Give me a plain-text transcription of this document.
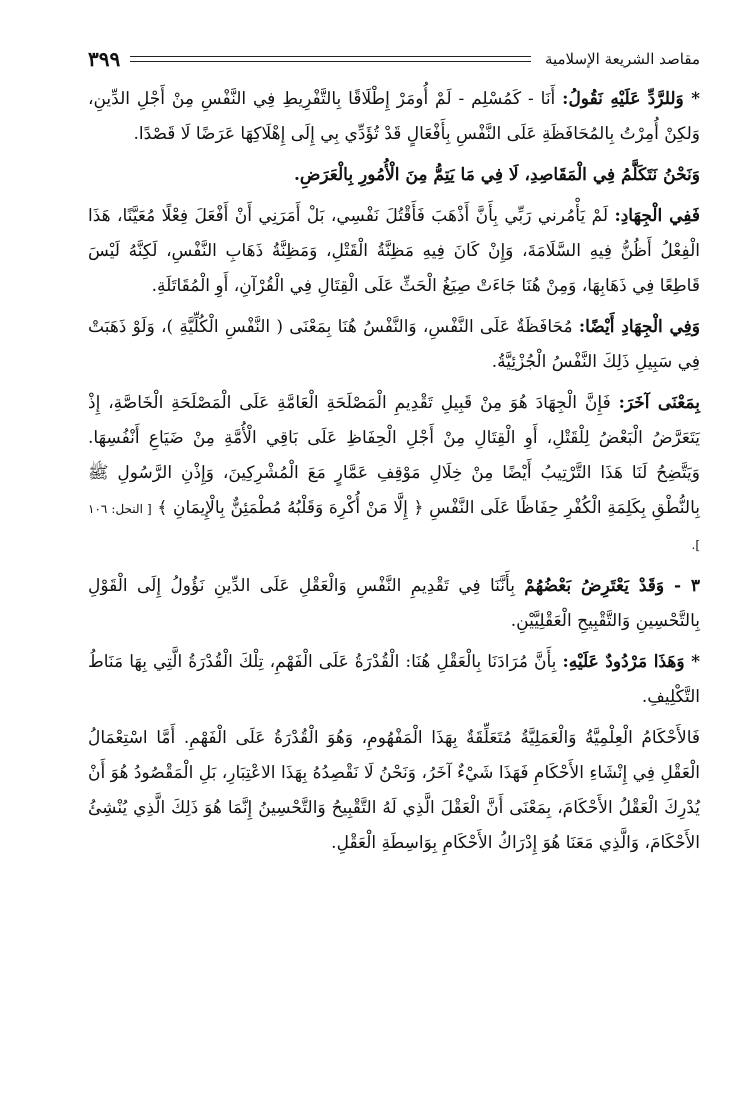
مقاصد الشريعة الإسلامية
٣٩٩

* وَللرَّدِّ عَلَيْهِ نَقُولُ: أَنَا - كَمُسْلِم - لَمْ أُومَرْ إِطْلَاقًا بِالتَّفْرِيطِ فِي النَّفْسِ مِنْ أَجْلِ الدِّينِ، وَلكِنْ أُمِرْتُ بِالمُحَافَظَةِ عَلَى النَّفْسِ بِأَفْعَالٍ قَدْ تُؤَدِّي بِي إِلَى إِهْلَاكِهَا عَرَضًا لَا قَصْدًا.

وَنَحْنُ نَتَكَلَّمُ فِي الْمَقَاصِدِ، لَا فِي مَا يَتِمُّ مِنَ الْأُمُورِ بِالْعَرَضِ.

فَفِي الْجِهَادِ: لَمْ يَأْمُرني رَبِّي بِأَنَّ أَذْهَبَ فَأَقْتُلَ نَفْسِي، بَلْ أَمَرَنِي أَنْ أَفْعَلَ فِعْلًا مُعَيَّنًا، هَذَا الْفِعْلُ أَظُنُّ فِيهِ السَّلَامَةَ، وَإِنْ كَانَ فِيهِ مَظِنَّةُ الْقَتْلِ، وَمَظِنَّةُ ذَهَابِ النَّفْسِ، لَكِنَّهُ لَيْسَ قَاطِعًا فِي ذَهَابِهَا، وَمِنْ هُنَا جَاءَتْ صِيَغُ الْحَثِّ عَلَى الْقِتَالِ فِي الْقُرْآنِ، أَوِ الْمُقَاتَلَةِ.

وَفِي الْجِهَادِ أَيْضًا: مُحَافَظَةٌ عَلَى النَّفْسِ، وَالنَّفْسُ هُنَا بِمَعْنَى ( النَّفْسِ الْكُلِّيَّةِ )، وَلَوْ ذَهَبَتْ فِي سَبِيلِ ذَلِكَ النَّفْسُ الْجُزْئِيَّةُ.

بِمَعْنَى آخَرَ: فَإِنَّ الْجِهَادَ هُوَ مِنْ قَبِيلِ تَقْدِيمِ الْمَصْلَحَةِ الْعَامَّةِ عَلَى الْمَصْلَحَةِ الْخَاصَّةِ، إِذْ يَتَعَرَّضُ الْبَعْضُ لِلْقَتْلِ، أَوِ الْقِتَالِ مِنْ أَجْلِ الْحِفَاظِ عَلَى بَاقِي الْأُمَّةِ مِنْ ضَيَاعِ أَنْفُسِهَا. وَيَتَّضِحُ لَنَا هَذَا التَّرْتِيبُ أَيْضًا مِنْ خِلَالِ مَوْقِفِ عَمَّارٍ مَعَ الْمُشْرِكِينَ، وَإِذْنِ الرَّسُولِ ﷺ بِالنُّطْقِ بِكَلِمَةِ الْكُفْرِ حِفَاظًا عَلَى النَّفْسِ ﴿ إِلَّا مَنْ أُكْرِهَ وَقَلْبُهُ مُطْمَئِنٌّ بِالْإِيمَانِ ﴾ [ النحل: ١٠٦ ].

٣ - وَقَدْ يَعْتَرِضُ بَعْضُهُمْ بِأَنَّنَا فِي تَقْدِيمِ النَّفْسِ وَالْعَقْلِ عَلَى الدِّينِ نَؤُولُ إِلَى الْقَوْلِ بِالتَّحْسِينِ وَالتَّقْبِيحِ الْعَقْلِيَّيْنِ.

* وَهَذَا مَرْدُودٌ عَلَيْهِ: بِأَنَّ مُرَادَنَا بِالْعَقْلِ هُنَا: الْقُدْرَةُ عَلَى الْفَهْمِ، تِلْكَ الْقُدْرَةُ الَّتِي بِهَا مَنَاطُ التَّكْلِيفِ.

فَالأَحْكَامُ الْعِلْمِيَّةُ وَالْعَمَلِيَّةُ مُتَعَلِّقَةٌ بِهَذَا الْمَفْهُومِ، وَهُوَ الْقُدْرَةُ عَلَى الْفَهْمِ. أَمَّا اسْتِعْمَالُ الْعَقْلِ فِي إِنْشَاءِ الأَحْكَامِ فَهَذَا شَيْءٌ آخَرُ، وَنَحْنُ لَا نَقْصِدُهُ بِهَذَا الاعْتِبَارِ، بَلِ الْمَقْصُودُ هُوَ أَنْ يُدْرِكَ الْعَقْلُ الأَحْكَامَ، بِمَعْنَى أَنَّ الْعَقْلَ الَّذِي لَهُ التَّقْبِيحُ وَالتَّحْسِينُ إِنَّمَا هُوَ ذَلِكَ الَّذِي يُنْشِئُ الأَحْكَامَ، وَالَّذِي مَعَنَا هُوَ إِدْرَاكُ الأَحْكَامِ بِوَاسِطَةِ الْعَقْلِ.
